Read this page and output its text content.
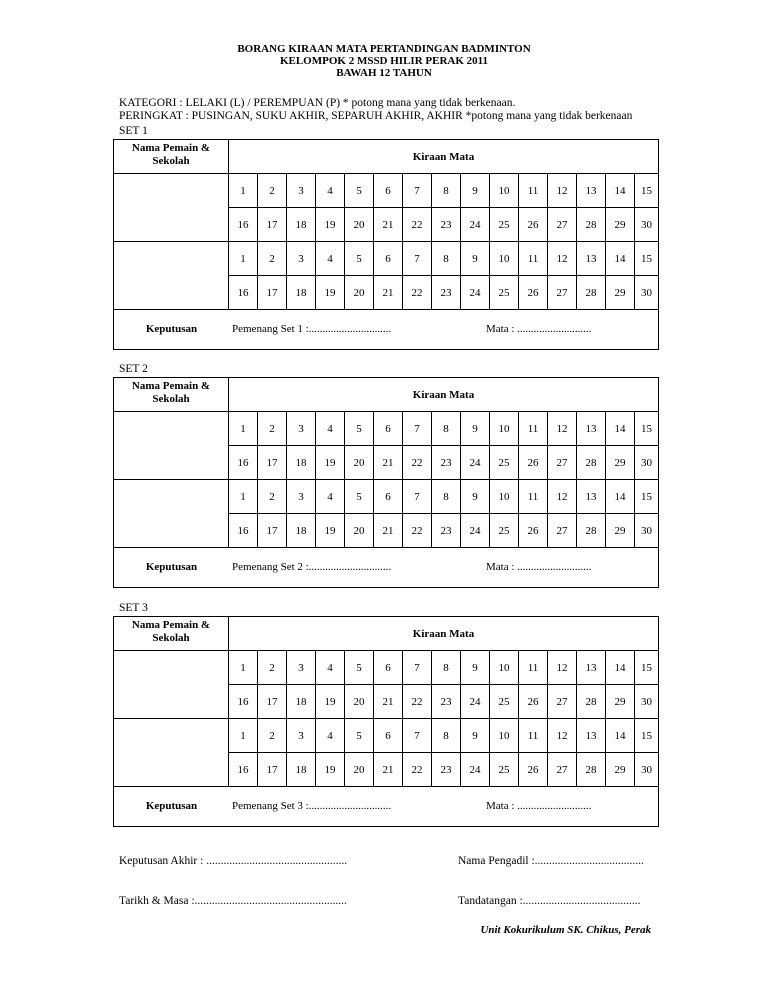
BORANG KIRAAN MATA PERTANDINGAN BADMINTON
KELOMPOK 2 MSSD HILIR PERAK 2011
BAWAH 12 TAHUN
KATEGORI : LELAKI (L) / PEREMPUAN (P) * potong mana yang tidak berkenaan.
PERINGKAT : PUSINGAN, SUKU AKHIR, SEPARUH AKHIR, AKHIR *potong mana yang tidak berkenaan
SET 1
Nama Pemain &
Sekolah	Kiraan Mata
1	2	3	4	5	6	7	8	9	10	11	12	13	14	15
16	17	18	19	20	21	22	23	24	25	26	27	28	29	30
1	2	3	4	5	6	7	8	9	10	11	12	13	14	15
16	17	18	19	20	21	22	23	24	25	26	27	28	29	30
Keputusan	Pemenang Set 1 :..............................	Mata : ...........................
SET 2
Nama Pemain &
Sekolah	Kiraan Mata
1	2	3	4	5	6	7	8	9	10	11	12	13	14	15
16	17	18	19	20	21	22	23	24	25	26	27	28	29	30
1	2	3	4	5	6	7	8	9	10	11	12	13	14	15
16	17	18	19	20	21	22	23	24	25	26	27	28	29	30
Keputusan	Pemenang Set 2 :..............................	Mata : ...........................
SET 3
Nama Pemain &
Sekolah	Kiraan Mata
1	2	3	4	5	6	7	8	9	10	11	12	13	14	15
16	17	18	19	20	21	22	23	24	25	26	27	28	29	30
1	2	3	4	5	6	7	8	9	10	11	12	13	14	15
16	17	18	19	20	21	22	23	24	25	26	27	28	29	30
Keputusan	Pemenang Set 3 :..............................	Mata : ...........................
Keputusan Akhir : .................................................	Nama Pengadil :......................................
Tarikh & Masa :.....................................................	Tandatangan :.........................................
Unit Kokurikulum SK. Chikus, Perak
